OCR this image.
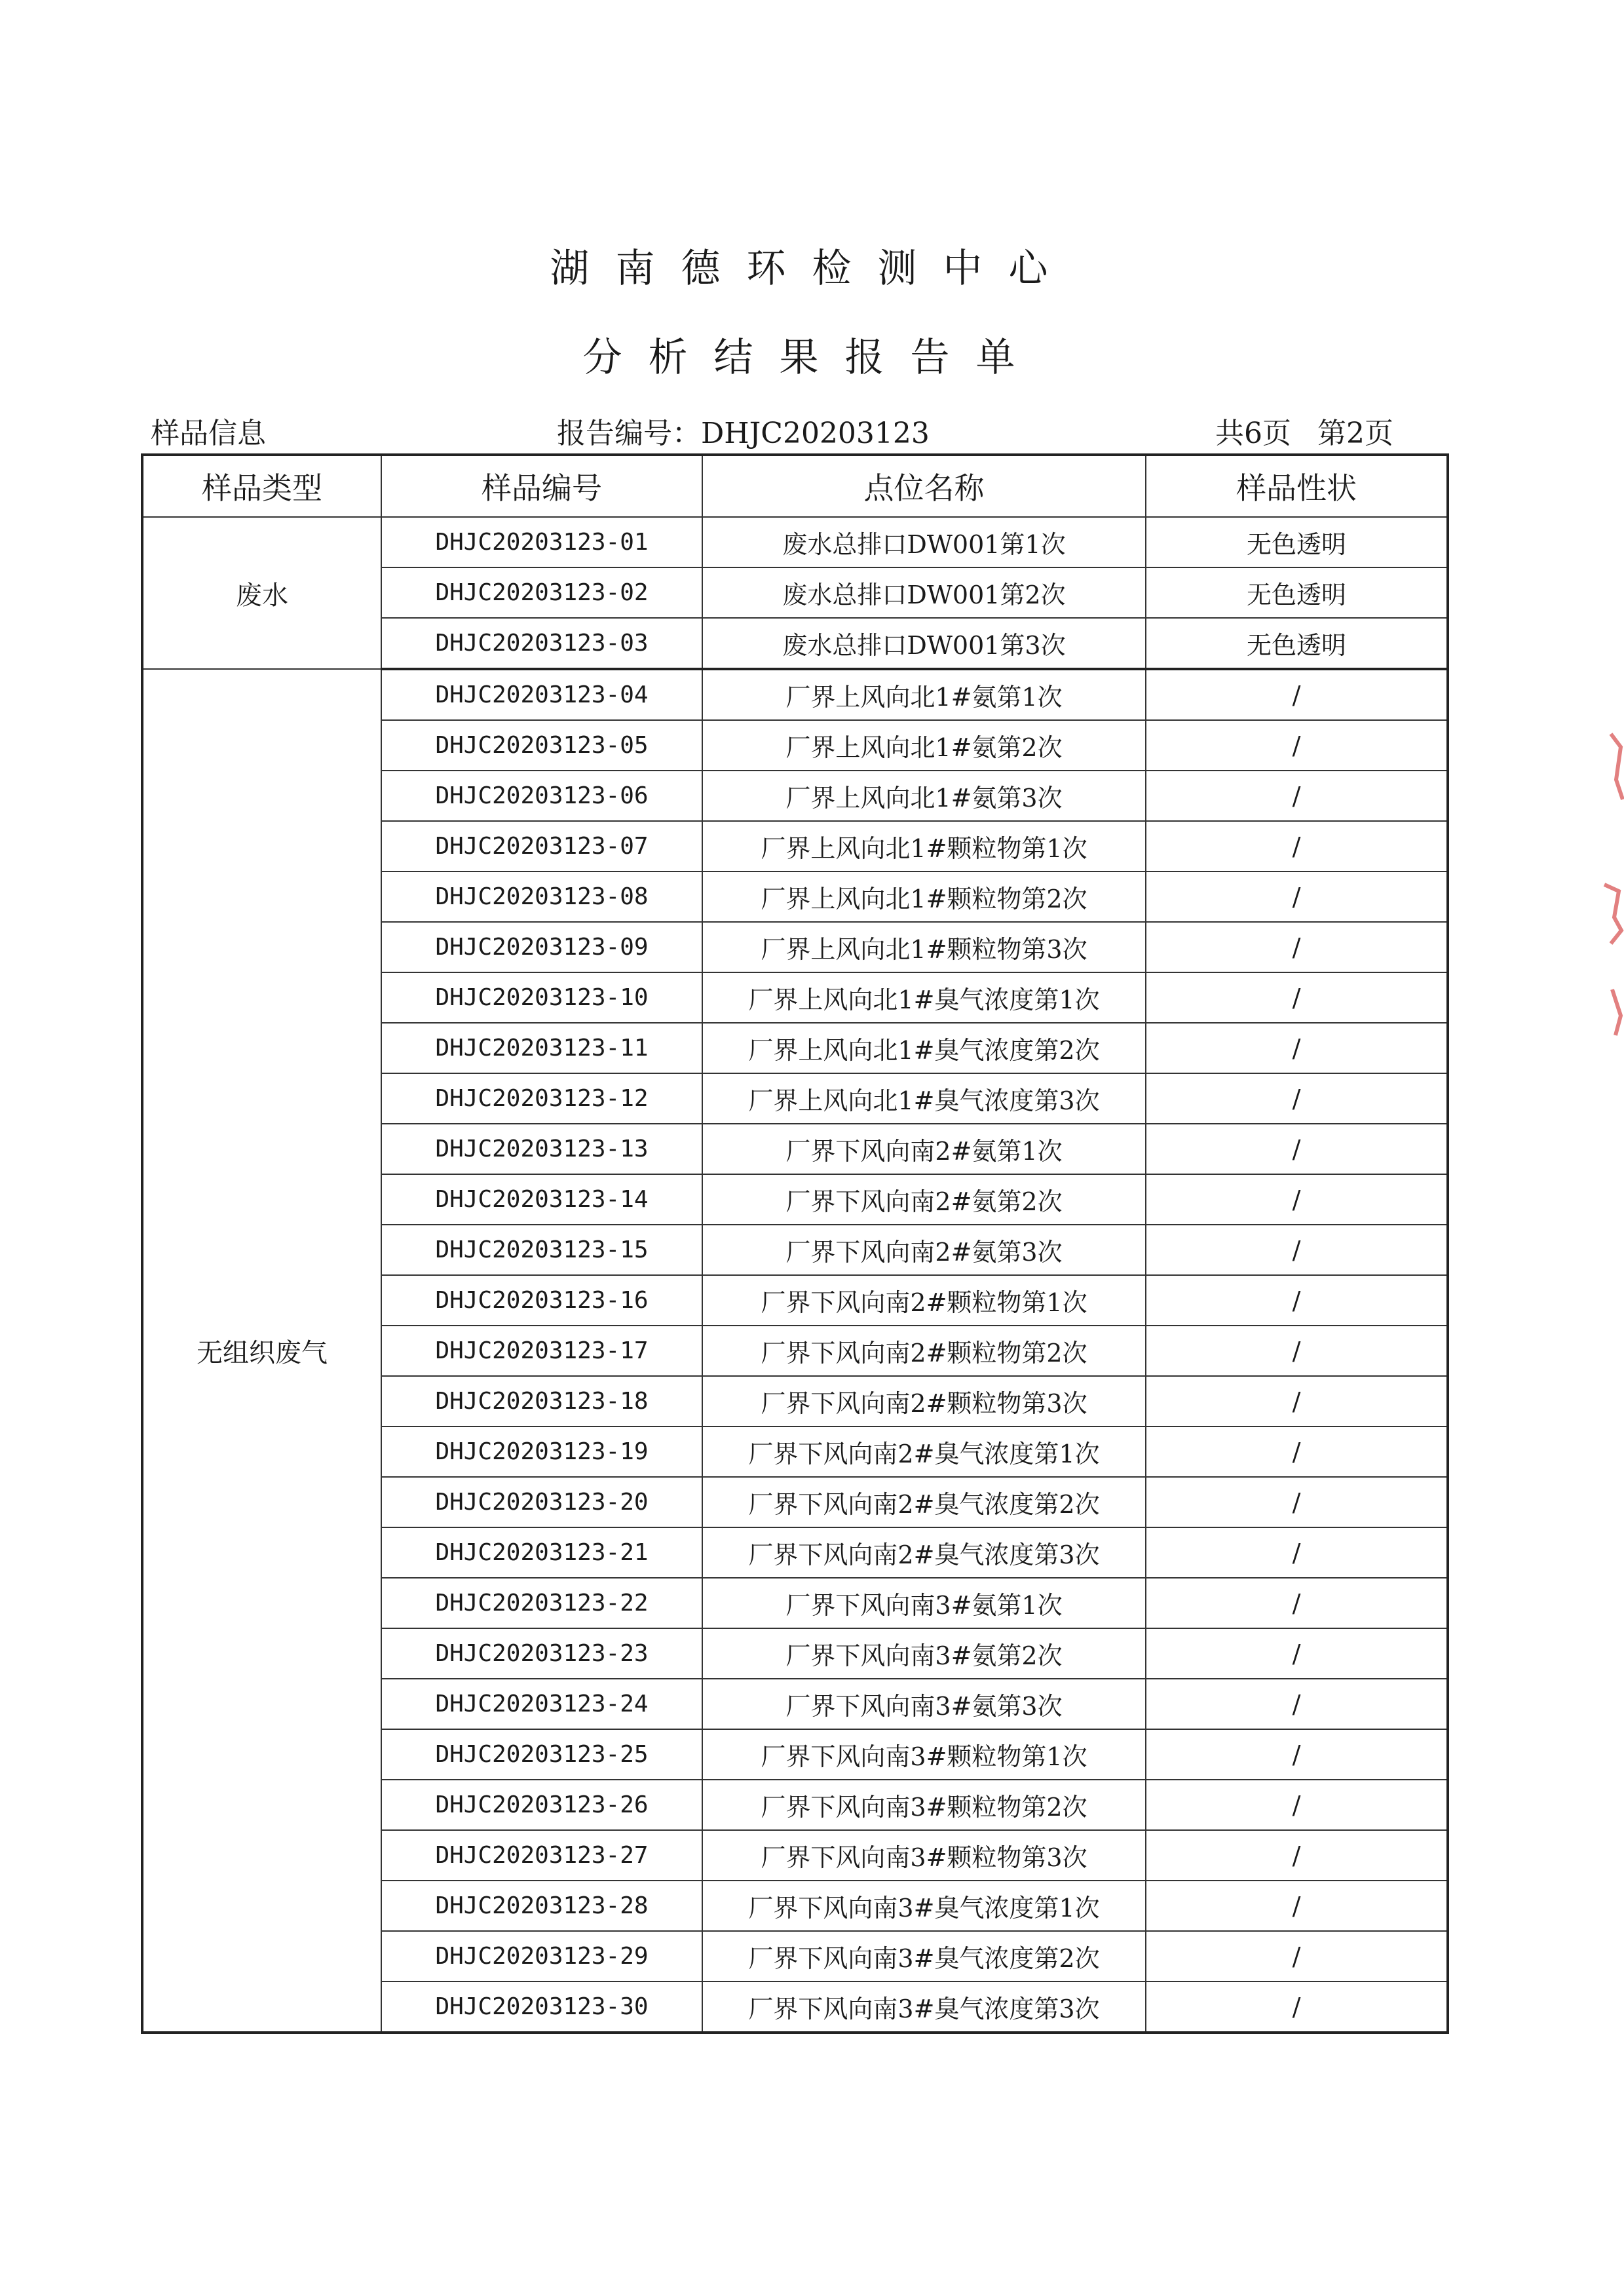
湖南德环检测中心
分析结果报告单
样品信息	报告编号：DHJC20203123	共6页 第2页
样品类型	样品编号	点位名称	样品性状
废水	DHJC20203123-01	废水总排口DW001第1次	无色透明
	DHJC20203123-02	废水总排口DW001第2次	无色透明
	DHJC20203123-03	废水总排口DW001第3次	无色透明
无组织废气	DHJC20203123-04	厂界上风向北1#氨第1次	/
	DHJC20203123-05	厂界上风向北1#氨第2次	/
	DHJC20203123-06	厂界上风向北1#氨第3次	/
	DHJC20203123-07	厂界上风向北1#颗粒物第1次	/
	DHJC20203123-08	厂界上风向北1#颗粒物第2次	/
	DHJC20203123-09	厂界上风向北1#颗粒物第3次	/
	DHJC20203123-10	厂界上风向北1#臭气浓度第1次	/
	DHJC20203123-11	厂界上风向北1#臭气浓度第2次	/
	DHJC20203123-12	厂界上风向北1#臭气浓度第3次	/
	DHJC20203123-13	厂界下风向南2#氨第1次	/
	DHJC20203123-14	厂界下风向南2#氨第2次	/
	DHJC20203123-15	厂界下风向南2#氨第3次	/
	DHJC20203123-16	厂界下风向南2#颗粒物第1次	/
	DHJC20203123-17	厂界下风向南2#颗粒物第2次	/
	DHJC20203123-18	厂界下风向南2#颗粒物第3次	/
	DHJC20203123-19	厂界下风向南2#臭气浓度第1次	/
	DHJC20203123-20	厂界下风向南2#臭气浓度第2次	/
	DHJC20203123-21	厂界下风向南2#臭气浓度第3次	/
	DHJC20203123-22	厂界下风向南3#氨第1次	/
	DHJC20203123-23	厂界下风向南3#氨第2次	/
	DHJC20203123-24	厂界下风向南3#氨第3次	/
	DHJC20203123-25	厂界下风向南3#颗粒物第1次	/
	DHJC20203123-26	厂界下风向南3#颗粒物第2次	/
	DHJC20203123-27	厂界下风向南3#颗粒物第3次	/
	DHJC20203123-28	厂界下风向南3#臭气浓度第1次	/
	DHJC20203123-29	厂界下风向南3#臭气浓度第2次	/
	DHJC20203123-30	厂界下风向南3#臭气浓度第3次	/
